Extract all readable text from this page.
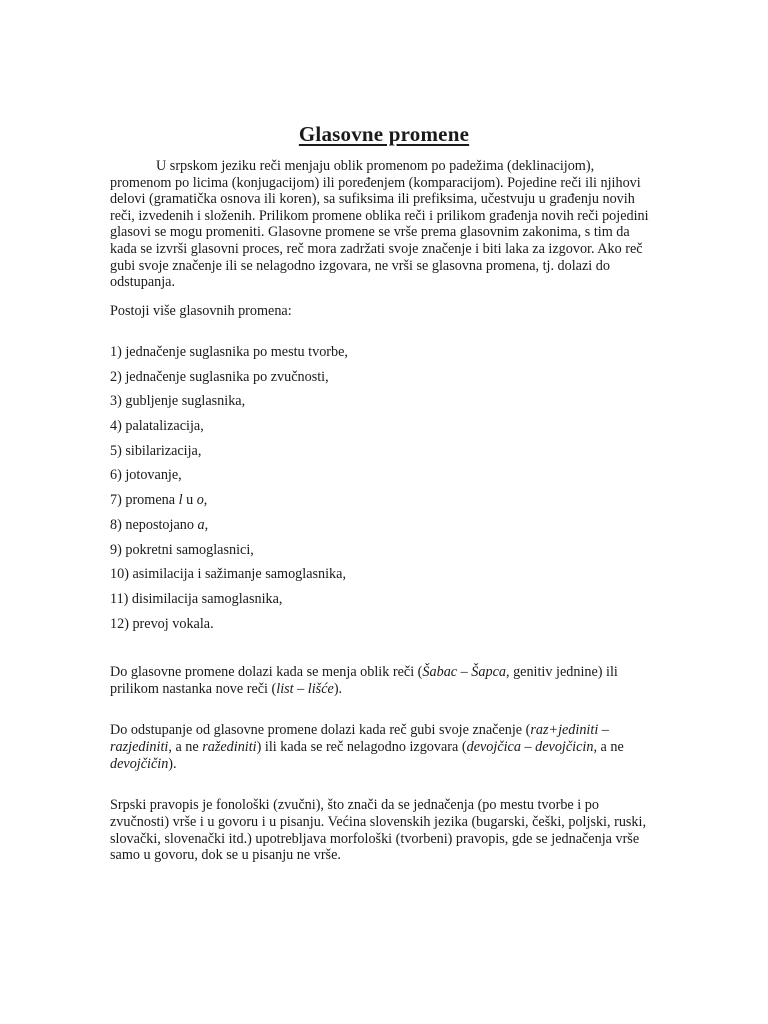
Glasovne promene

U srpskom jeziku reči menjaju oblik promenom po padežima (deklinacijom), promenom po licima (konjugacijom) ili poređenjem (komparacijom). Pojedine reči ili njihovi delovi (gramatička osnova ili koren), sa sufiksima ili prefiksima, učestvuju u građenju novih reči, izvedenih i složenih. Prilikom promene oblika reči i prilikom građenja novih reči pojedini glasovi se mogu promeniti. Glasovne promene se vrše prema glasovnim zakonima, s tim da kada se izvrši glasovni proces, reč mora zadržati svoje značenje i biti laka za izgovor. Ako reč gubi svoje značenje ili se nelagodno izgovara, ne vrši se glasovna promena, tj. dolazi do odstupanja.

Postoji više glasovnih promena:

1) jednačenje suglasnika po mestu tvorbe,
2) jednačenje suglasnika po zvučnosti,
3) gubljenje suglasnika,
4) palatalizacija,
5) sibilarizacija,
6) jotovanje,
7) promena l u o,
8) nepostojano a,
9) pokretni samoglasnici,
10) asimilacija i sažimanje samoglasnika,
11) disimilacija samoglasnika,
12) prevoj vokala.

Do glasovne promene dolazi kada se menja oblik reči (Šabac – Šapca, genitiv jednine) ili prilikom nastanka nove reči (list – lišće).

Do odstupanje od glasovne promene dolazi kada reč gubi svoje značenje (raz+jediniti – razjediniti, a ne ražediniti) ili kada se reč nelagodno izgovara (devojčica – devojčicin, a ne devojčičin).

Srpski pravopis je fonološki (zvučni), što znači da se jednačenja (po mestu tvorbe i po zvučnosti) vrše i u govoru i u pisanju. Većina slovenskih jezika (bugarski, češki, poljski, ruski, slovački, slovenački itd.) upotrebljava morfološki (tvorbeni) pravopis, gde se jednačenja vrše samo u govoru, dok se u pisanju ne vrše.
